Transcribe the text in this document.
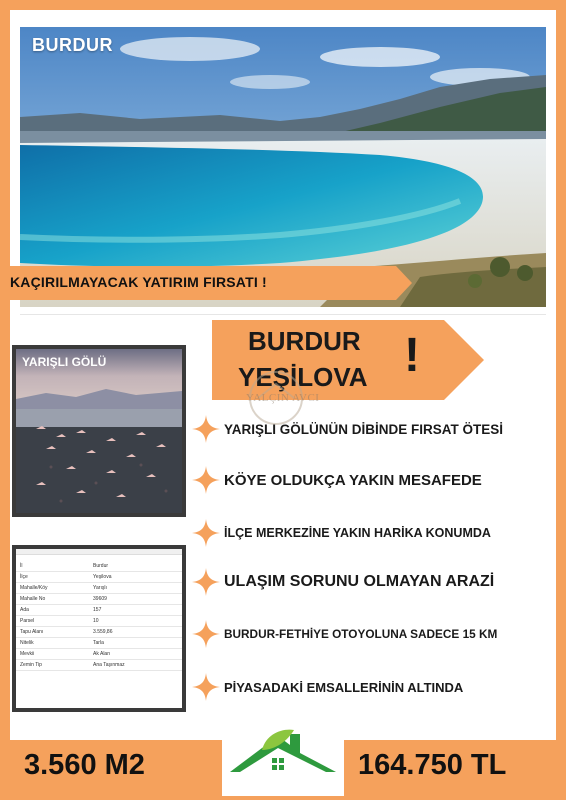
BURDUR
KAÇIRILMAYACAK YATIRIM FIRSATI !
BURDUR
YEŞİLOVA !
YALÇIN AVCI
YARIŞLI GÖLÜ
İl	Burdur
İlçe	Yeşilova
Mahalle/Köy	Yarışlı
Mahalle No	39609
Ada	157
Parsel	10
Tapu Alanı	3.559,86
Nitelik	Tarla
Mevkii	Ak Alan
Zemin Tip	Ana Taşınmaz
YARIŞLI GÖLÜNÜN DİBİNDE FIRSAT ÖTESİ
KÖYE OLDUKÇA YAKIN MESAFEDE
İLÇE MERKEZİNE YAKIN HARİKA KONUMDA
ULAŞIM SORUNU OLMAYAN ARAZİ
BURDUR-FETHİYE OTOYOLUNA SADECE 15 KM
PİYASADAKİ EMSALLERİNİN ALTINDA
3.560 M2	164.750 TL
